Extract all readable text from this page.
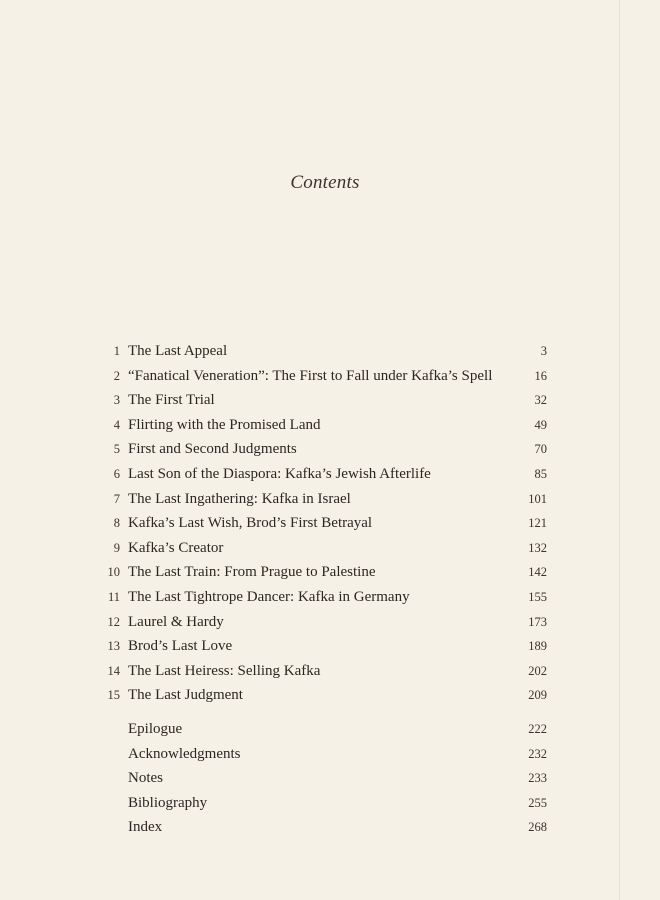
Contents
1 The Last Appeal	3
2 “Fanatical Veneration”: The First to Fall under Kafka’s Spell	16
3 The First Trial	32
4 Flirting with the Promised Land	49
5 First and Second Judgments	70
6 Last Son of the Diaspora: Kafka’s Jewish Afterlife	85
7 The Last Ingathering: Kafka in Israel	101
8 Kafka’s Last Wish, Brod’s First Betrayal	121
9 Kafka’s Creator	132
10 The Last Train: From Prague to Palestine	142
11 The Last Tightrope Dancer: Kafka in Germany	155
12 Laurel & Hardy	173
13 Brod’s Last Love	189
14 The Last Heiress: Selling Kafka	202
15 The Last Judgment	209
Epilogue	222
Acknowledgments	232
Notes	233
Bibliography	255
Index	268
